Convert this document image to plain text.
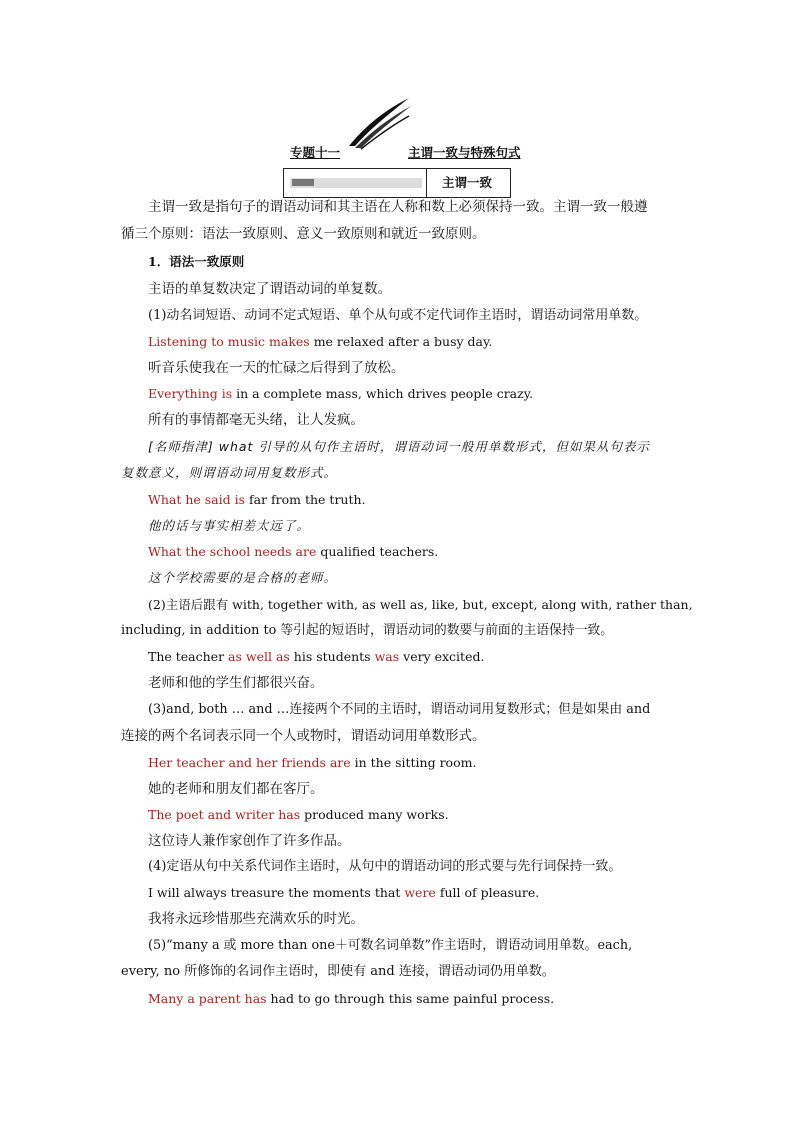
专题十一	主谓一致与特殊句式
主谓一致
主谓一致是指句子的谓语动词和其主语在人称和数上必须保持一致。主谓一致一般遵
循三个原则：语法一致原则、意义一致原则和就近一致原则。
1．语法一致原则
主语的单复数决定了谓语动词的单复数。
(1)动名词短语、动词不定式短语、单个从句或不定代词作主语时，谓语动词常用单数。
Listening to music makes me relaxed after a busy day.
听音乐使我在一天的忙碌之后得到了放松。
Everything is in a complete mass, which drives people crazy.
所有的事情都毫无头绪，让人发疯。
[名师指津] what 引导的从句作主语时，谓语动词一般用单数形式，但如果从句表示
复数意义，则谓语动词用复数形式。
What he said is far from the truth.
他的话与事实相差太远了。
What the school needs are qualified teachers.
这个学校需要的是合格的老师。
(2)主语后跟有 with, together with, as well as, like, but, except, along with, rather than,
including, in addition to 等引起的短语时，谓语动词的数要与前面的主语保持一致。
The teacher as well as his students was very excited.
老师和他的学生们都很兴奋。
(3)and, both … and …连接两个不同的主语时，谓语动词用复数形式；但是如果由 and
连接的两个名词表示同一个人或物时，谓语动词用单数形式。
Her teacher and her friends are in the sitting room.
她的老师和朋友们都在客厅。
The poet and writer has produced many works.
这位诗人兼作家创作了许多作品。
(4)定语从句中关系代词作主语时，从句中的谓语动词的形式要与先行词保持一致。
I will always treasure the moments that were full of pleasure.
我将永远珍惜那些充满欢乐的时光。
(5)“many a 或 more than one＋可数名词单数”作主语时，谓语动词用单数。each,
every, no 所修饰的名词作主语时，即使有 and 连接，谓语动词仍用单数。
Many a parent has had to go through this same painful process.
